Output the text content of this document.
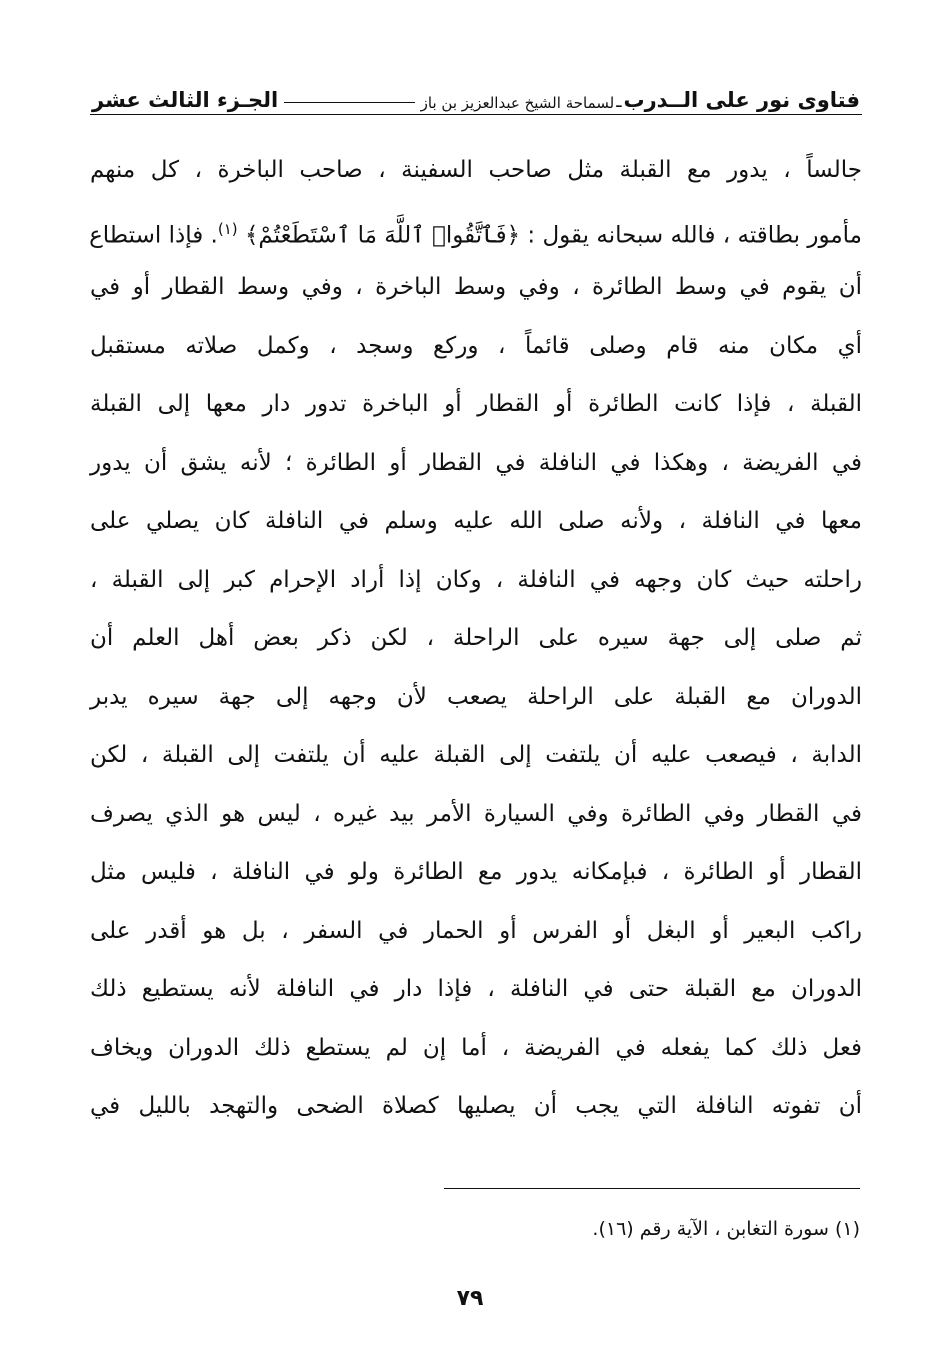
فتاوى نور على الــدرب
ـ
لسماحة الشيخ عبدالعزيز بن باز
الجـزء الثالث عشر
جالساً ، يدور مع القبلة مثل صاحب السفينة ، صاحب الباخرة ، كل منهم
مأمور بطاقته ، فالله سبحانه يقول : ﴿فَٱتَّقُوا۟ ٱللَّهَ مَا ٱسْتَطَعْتُمْ﴾ $^{(١)}$. فإذا استطاع
أن يقوم في وسط الطائرة ، وفي وسط الباخرة ، وفي وسط القطار أو في
أي مكان منه قام وصلى قائماً ، وركع وسجد ، وكمل صلاته مستقبل
القبلة ، فإذا كانت الطائرة أو القطار أو الباخرة تدور دار معها إلى القبلة
في الفريضة ، وهكذا في النافلة في القطار أو الطائرة ؛ لأنه يشق أن يدور
معها في النافلة ، ولأنه صلى الله عليه وسلم في النافلة كان يصلي على
راحلته حيث كان وجهه في النافلة ، وكان إذا أراد الإحرام كبر إلى القبلة ،
ثم صلى إلى جهة سيره على الراحلة ، لكن ذكر بعض أهل العلم أن
الدوران مع القبلة على الراحلة يصعب لأن وجهه إلى جهة سيره يدبر
الدابة ، فيصعب عليه أن يلتفت إلى القبلة عليه أن يلتفت إلى القبلة ، لكن
في القطار وفي الطائرة وفي السيارة الأمر بيد غيره ، ليس هو الذي يصرف
القطار أو الطائرة ، فبإمكانه يدور مع الطائرة ولو في النافلة ، فليس مثل
راكب البعير أو البغل أو الفرس أو الحمار في السفر ، بل هو أقدر على
الدوران مع القبلة حتى في النافلة ، فإذا دار في النافلة لأنه يستطيع ذلك
فعل ذلك كما يفعله في الفريضة ، أما إن لم يستطع ذلك الدوران ويخاف
أن تفوته النافلة التي يجب أن يصليها كصلاة الضحى والتهجد بالليل في
(١) سورة التغابن ، الآية رقم (١٦).
٧٩
